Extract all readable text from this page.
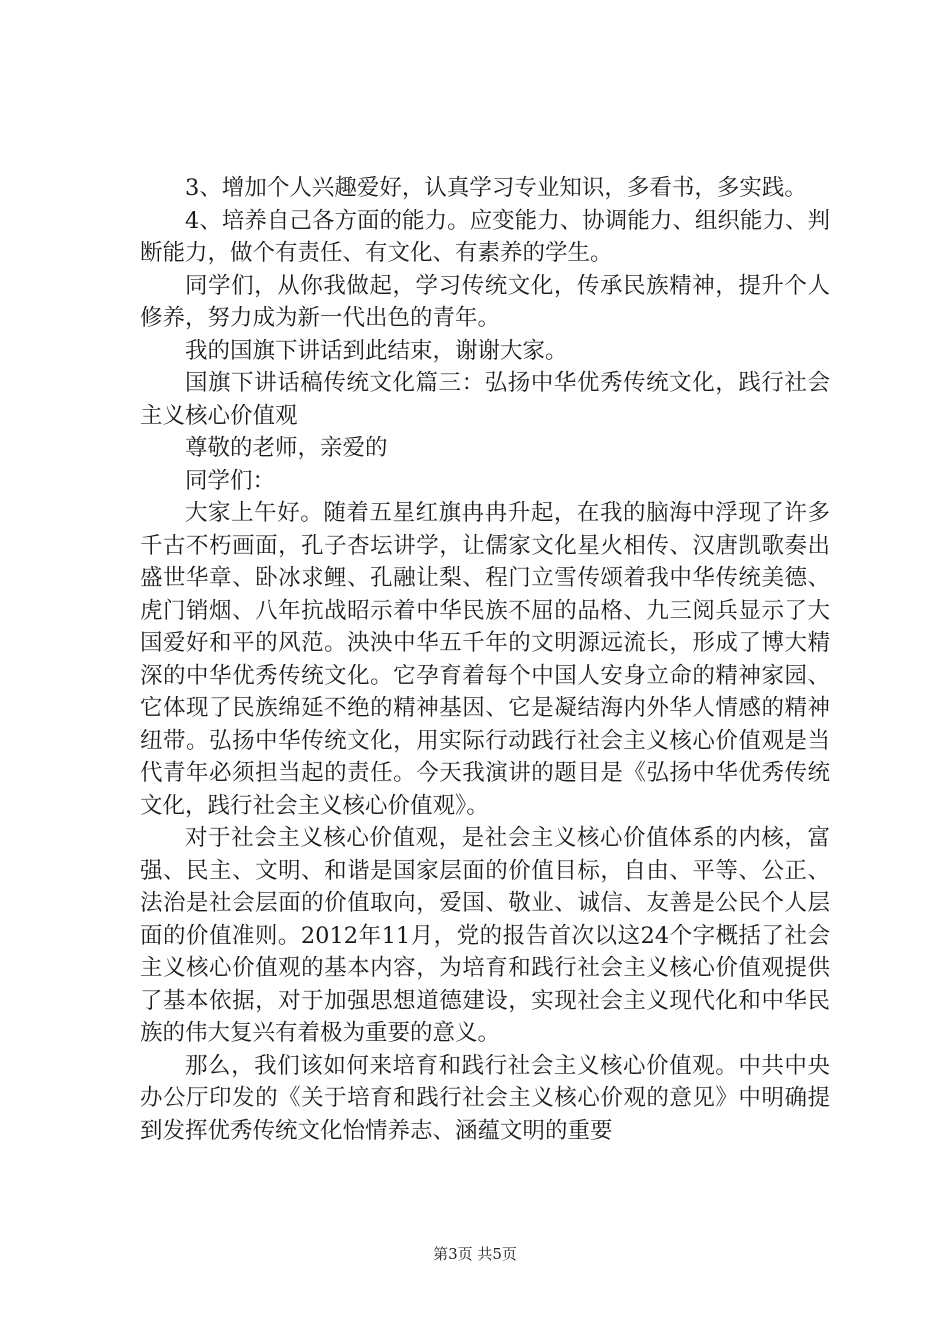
3、增加个人兴趣爱好，认真学习专业知识，多看书，多实践。

4、培养自己各方面的能力。应变能力、协调能力、组织能力、判断能力，做个有责任、有文化、有素养的学生。

同学们，从你我做起，学习传统文化，传承民族精神，提升个人修养，努力成为新一代出色的青年。

我的国旗下讲话到此结束，谢谢大家。

国旗下讲话稿传统文化篇三：弘扬中华优秀传统文化，践行社会主义核心价值观

尊敬的老师，亲爱的

同学们：

大家上午好。随着五星红旗冉冉升起，在我的脑海中浮现了许多千古不朽画面，孔子杏坛讲学，让儒家文化星火相传、汉唐凯歌奏出盛世华章、卧冰求鲤、孔融让梨、程门立雪传颂着我中华传统美德、虎门销烟、八年抗战昭示着中华民族不屈的品格、九三阅兵显示了大国爱好和平的风范。泱泱中华五千年的文明源远流长，形成了博大精深的中华优秀传统文化。它孕育着每个中国人安身立命的精神家园、它体现了民族绵延不绝的精神基因、它是凝结海内外华人情感的精神纽带。弘扬中华传统文化，用实际行动践行社会主义核心价值观是当代青年必须担当起的责任。今天我演讲的题目是《弘扬中华优秀传统文化，践行社会主义核心价值观》。

对于社会主义核心价值观，是社会主义核心价值体系的内核，富强、民主、文明、和谐是国家层面的价值目标，自由、平等、公正、法治是社会层面的价值取向，爱国、敬业、诚信、友善是公民个人层面的价值准则。2012年11月，党的报告首次以这24个字概括了社会主义核心价值观的基本内容，为培育和践行社会主义核心价值观提供了基本依据，对于加强思想道德建设，实现社会主义现代化和中华民族的伟大复兴有着极为重要的意义。

那么，我们该如何来培育和践行社会主义核心价值观。中共中央办公厅印发的《关于培育和践行社会主义核心价观的意见》中明确提到发挥优秀传统文化怡情养志、涵蕴文明的重要

第3页 共5页
